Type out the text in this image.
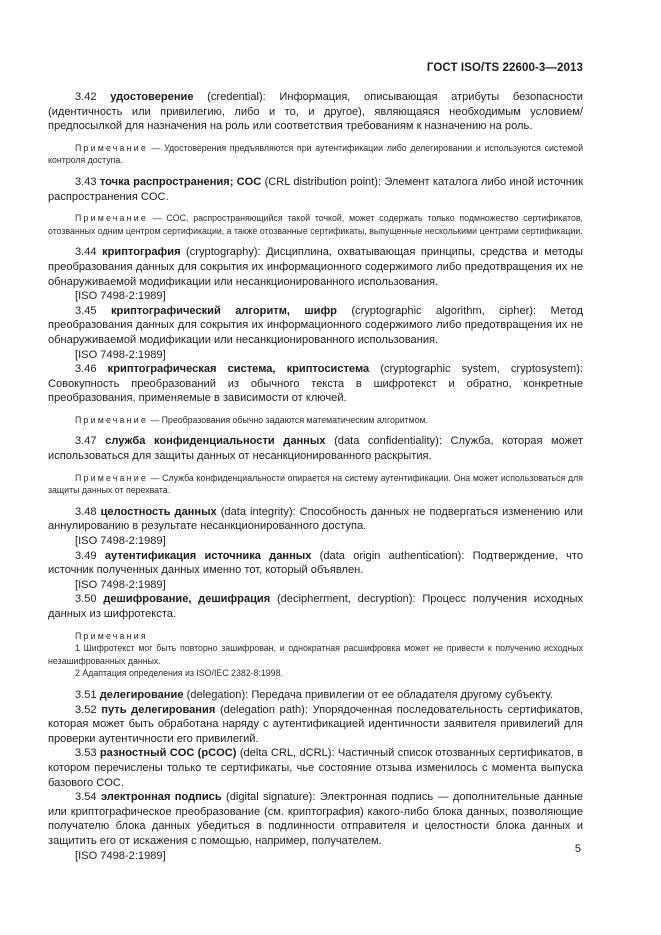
ГОСТ ISO/TS 22600-3—2013

3.42 удостоверение (credential): Информация, описывающая атрибуты безопасности (идентичность или привилегию, либо и то, и другое), являющаяся необходимым условием/предпосылкой для назначения на роль или соответствия требованиям к назначению на роль.

Примечание — Удостоверения предъявляются при аутентификации либо делегировании и используются системой контроля доступа.

3.43 точка распространения; COC (CRL distribution point): Элемент каталога либо иной источник распространения COC.

Примечание — COC, распространяющийся такой точкой, может содержать только подмножество сертификатов, отозванных одним центром сертификации, а также отозванные сертификаты, выпущенные несколькими центрами сертификации.

3.44 криптография (cryptography): Дисциплина, охватывающая принципы, средства и методы преобразования данных для сокрытия их информационного содержимого либо предотвращения их не обнаруживаемой модификации или несанкционированного использования.

[ISO 7498-2:1989]

3.45 криптографический алгоритм, шифр (cryptographic algorithm, cipher): Метод преобразования данных для сокрытия их информационного содержимого либо предотвращения их не обнаруживаемой модификации или несанкционированного использования.

[ISO 7498-2:1989]

3.46 криптографическая система, криптосистема (cryptographic system, cryptosystem): Совокупность преобразований из обычного текста в шифротекст и обратно, конкретные преобразования, применяемые в зависимости от ключей.

Примечание — Преобразования обычно задаются математическим алгоритмом.

3.47 служба конфиденциальности данных (data confidentiality): Служба, которая может использоваться для защиты данных от несанкционированного раскрытия.

Примечание — Служба конфиденциальности опирается на систему аутентификации. Она может использоваться для защиты данных от перехвата.

3.48 целостность данных (data integrity): Способность данных не подвергаться изменению или аннулированию в результате несанкционированного доступа.

[ISO 7498-2:1989]

3.49 аутентификация источника данных (data origin authentication): Подтверждение, что источник полученных данных именно тот, который объявлен.

[ISO 7498-2:1989]

3.50 дешифрование, дешифрация (decipherment, decryption): Процесс получения исходных данных из шифротекста.

Примечания

1 Шифротекст мог быть повторно зашифрован, и однократная расшифровка может не привести к получению исходных незашифрованных данных.

2 Адаптация определения из ISO/IEC 2382-8:1998.

3.51 делегирование (delegation): Передача привилегии от ее обладателя другому субъекту.

3.52 путь делегирования (delegation path): Упорядоченная последовательность сертификатов, которая может быть обработана наряду с аутентификацией идентичности заявителя привилегий для проверки аутентичности его привилегий.

3.53 разностный COC (pCOC) (delta CRL, dCRL): Частичный список отозванных сертификатов, в котором перечислены только те сертификаты, чье состояние отзыва изменилось с момента выпуска базового COC.

3.54 электронная подпись (digital signature): Электронная подпись — дополнительные данные или криптографическое преобразование (см. криптография) какого-либо блока данных, позволяющие получателю блока данных убедиться в подлинности отправителя и целостности блока данных и защитить его от искажения с помощью, например, получателем.

[ISO 7498-2:1989]

5
